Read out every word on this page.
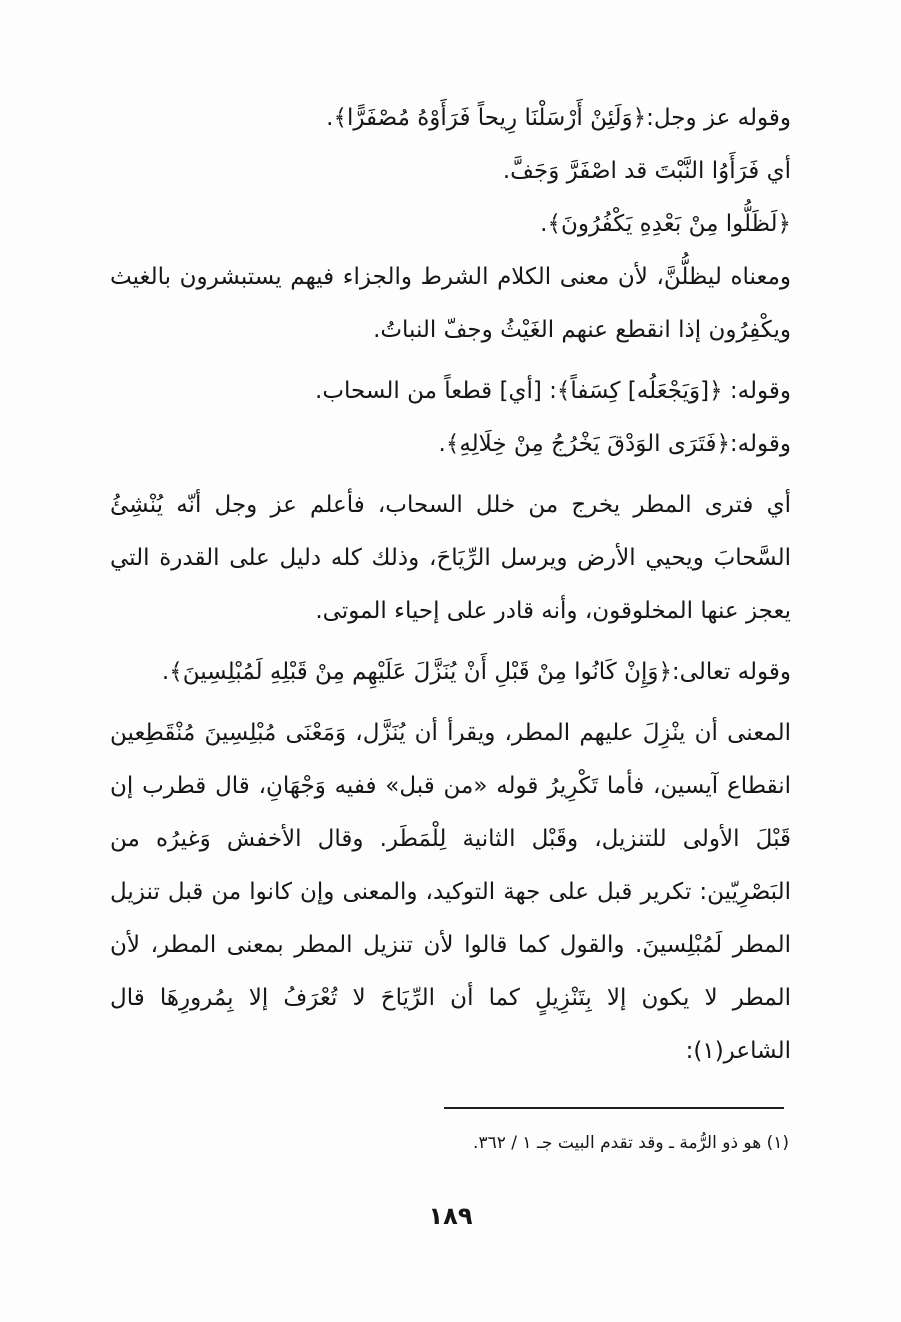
وقوله عز وجل:﴿وَلَئِنْ أَرْسَلْنَا رِيحاً فَرَأَوْهُ مُصْفَرًّا﴾.

أي فَرَأَوُا النَّبْتَ قد اصْفَرَّ وَجَفَّ.

﴿لَظَلُّوا مِنْ بَعْدِهِ يَكْفُرُونَ﴾.

ومعناه ليظلُّنَّ، لأن معنى الكلام الشرط والجزاء فيهم يستبشرون بالغيث ويكْفِرُون إذا انقطع عنهم الغَيْثُ وجفّ النباتُ.

وقوله: ﴿[وَيَجْعَلُه] كِسَفاً﴾: [أي] قطعاً من السحاب.

وقوله:﴿فَتَرَى الوَدْقَ يَخْرُجُ مِنْ خِلَالِهِ﴾.

أي فترى المطر يخرج من خلل السحاب، فأعلم عز وجل أنّه يُنْشِئُ السَّحابَ ويحيي الأرض ويرسل الرِّيَاحَ، وذلك كله دليل على القدرة التي يعجز عنها المخلوقون، وأنه قادر على إحياء الموتى.

وقوله تعالى:﴿وَإِنْ كَانُوا مِنْ قَبْلِ أَنْ يُنَزَّلَ عَلَيْهِم مِنْ قَبْلِهِ لَمُبْلِسِينَ﴾.

المعنى أن ينْزِلَ عليهم المطر، ويقرأ أن يُنَزَّل، وَمَعْنَى مُبْلِسِينَ مُنْقَطِعين انقطاع آيسين، فأما تَكْرِيرُ قوله «من قبل» ففيه وَجْهَانِ، قال قطرب إن قَبْلَ الأولى للتنزيل، وقَبْل الثانية لِلْمَطَر. وقال الأخفش وَغيرُه من البَصْرِيّين: تكرير قبل على جهة التوكيد، والمعنى وإن كانوا من قبل تنزيل المطر لَمُبْلِسينَ. والقول كما قالوا لأن تنزيل المطر بمعنى المطر، لأن المطر لا يكون إلا بِتَنْزِيلٍ كما أن الرِّيَاحَ لا تُعْرَفُ إلا بِمُرورِهَا قال الشاعر(١):

(١) هو ذو الرُّمة ـ وقد تقدم البيت جـ ١ / ٣٦٢.

١٨٩
